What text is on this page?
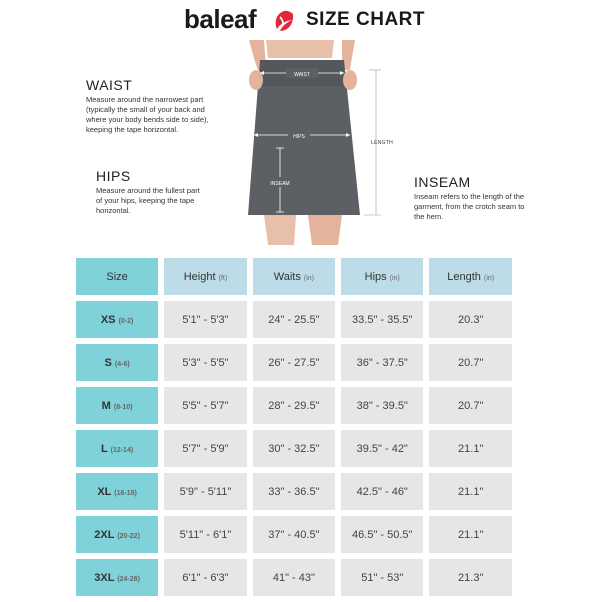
baleaf	SIZE CHART
WAIST
HIPS
INSEAM
LENGTH
WAIST
Measure around the narrowest part (typically the small of your back and where your body bends side to side), keeping the tape horizontal.
HIPS
Measure around the fullest part of your hips, keeping the tape horizontal.
INSEAM
Inseam refers to the length of the garment, from the crotch seam to the hem.
Size	Height (ft)	Waits (in)	Hips (in)	Length (in)
XS (0-2)	5'1" - 5'3"	24" - 25.5"	33.5" - 35.5"	20.3"
S (4-6)	5'3" - 5'5"	26" - 27.5"	36" - 37.5"	20.7"
M (8-10)	5'5" - 5'7"	28" - 29.5"	38" - 39.5"	20.7"
L (12-14)	5'7" - 5'9"	30" - 32.5"	39.5" - 42"	21.1"
XL (16-18)	5'9" - 5'11"	33" - 36.5"	42.5" - 46"	21.1"
2XL (20-22)	5'11" - 6'1"	37" - 40.5"	46.5" - 50.5"	21.1"
3XL (24-26)	6'1" - 6'3"	41" - 43"	51" - 53"	21.3"
